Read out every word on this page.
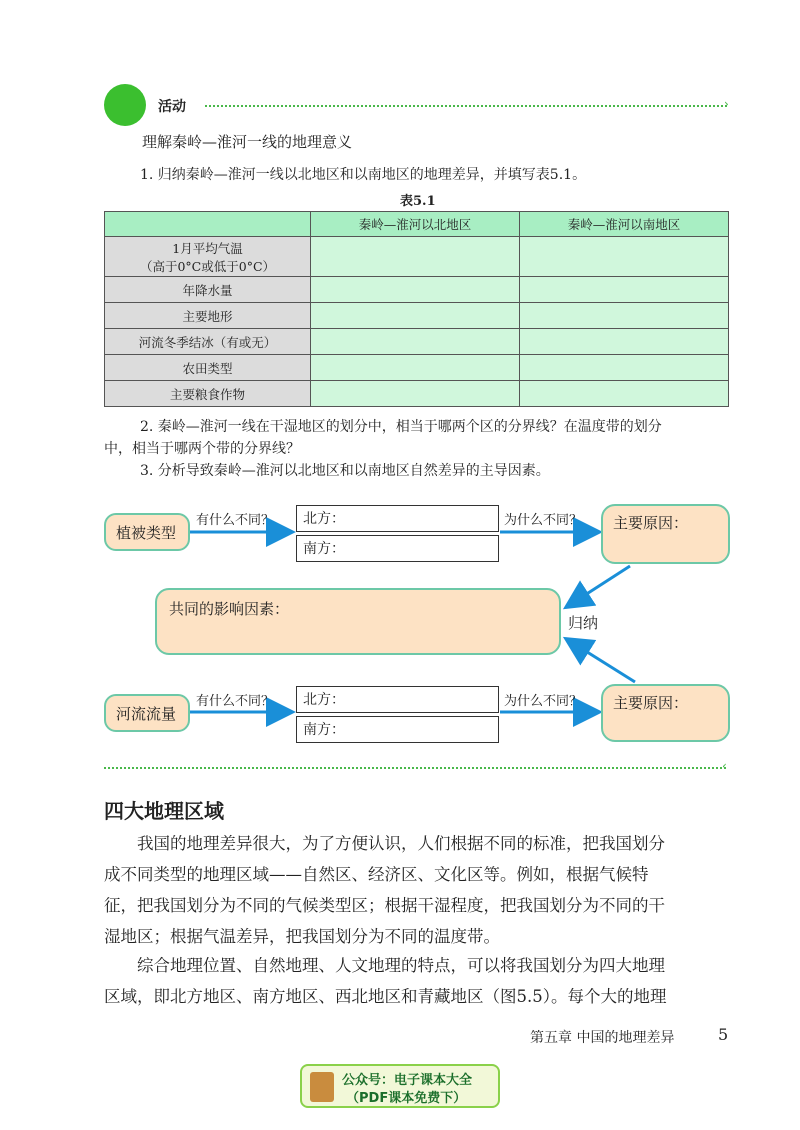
活动	›
理解秦岭—淮河一线的地理意义
1. 归纳秦岭—淮河一线以北地区和以南地区的地理差异，并填写表5.1。
表5.1
	秦岭—淮河以北地区	秦岭—淮河以南地区

1月平均气温
（高于0°C或低于0°C）		

年降水量		
主要地形		
河流冬季结冰（有或无）		
农田类型		
主要粮食作物		
2. 秦岭—淮河一线在干湿地区的划分中，相当于哪两个区的分界线？在温度带的划分
中，相当于哪两个带的分界线？
3. 分析导致秦岭—淮河以北地区和以南地区自然差异的主导因素。
植被类型
有什么不同？	北方：
南方：
为什么不同？	主要原因：
共同的影响因素：
归纳
河流流量
有什么不同？	北方：
南方：
为什么不同？	主要原因：
‹
四大地理区域
我国的地理差异很大，为了方便认识，人们根据不同的标准，把我国划分
成不同类型的地理区域——自然区、经济区、文化区等。例如，根据气候特
征，把我国划分为不同的气候类型区；根据干湿程度，把我国划分为不同的干
湿地区；根据气温差异，把我国划分为不同的温度带。
综合地理位置、自然地理、人文地理的特点，可以将我国划分为四大地理
区域，即北方地区、南方地区、西北地区和青藏地区（图5.5）。每个大的地理
第五章 中国的地理差异	5
公众号：电子课本大全
（PDF课本免费下）
